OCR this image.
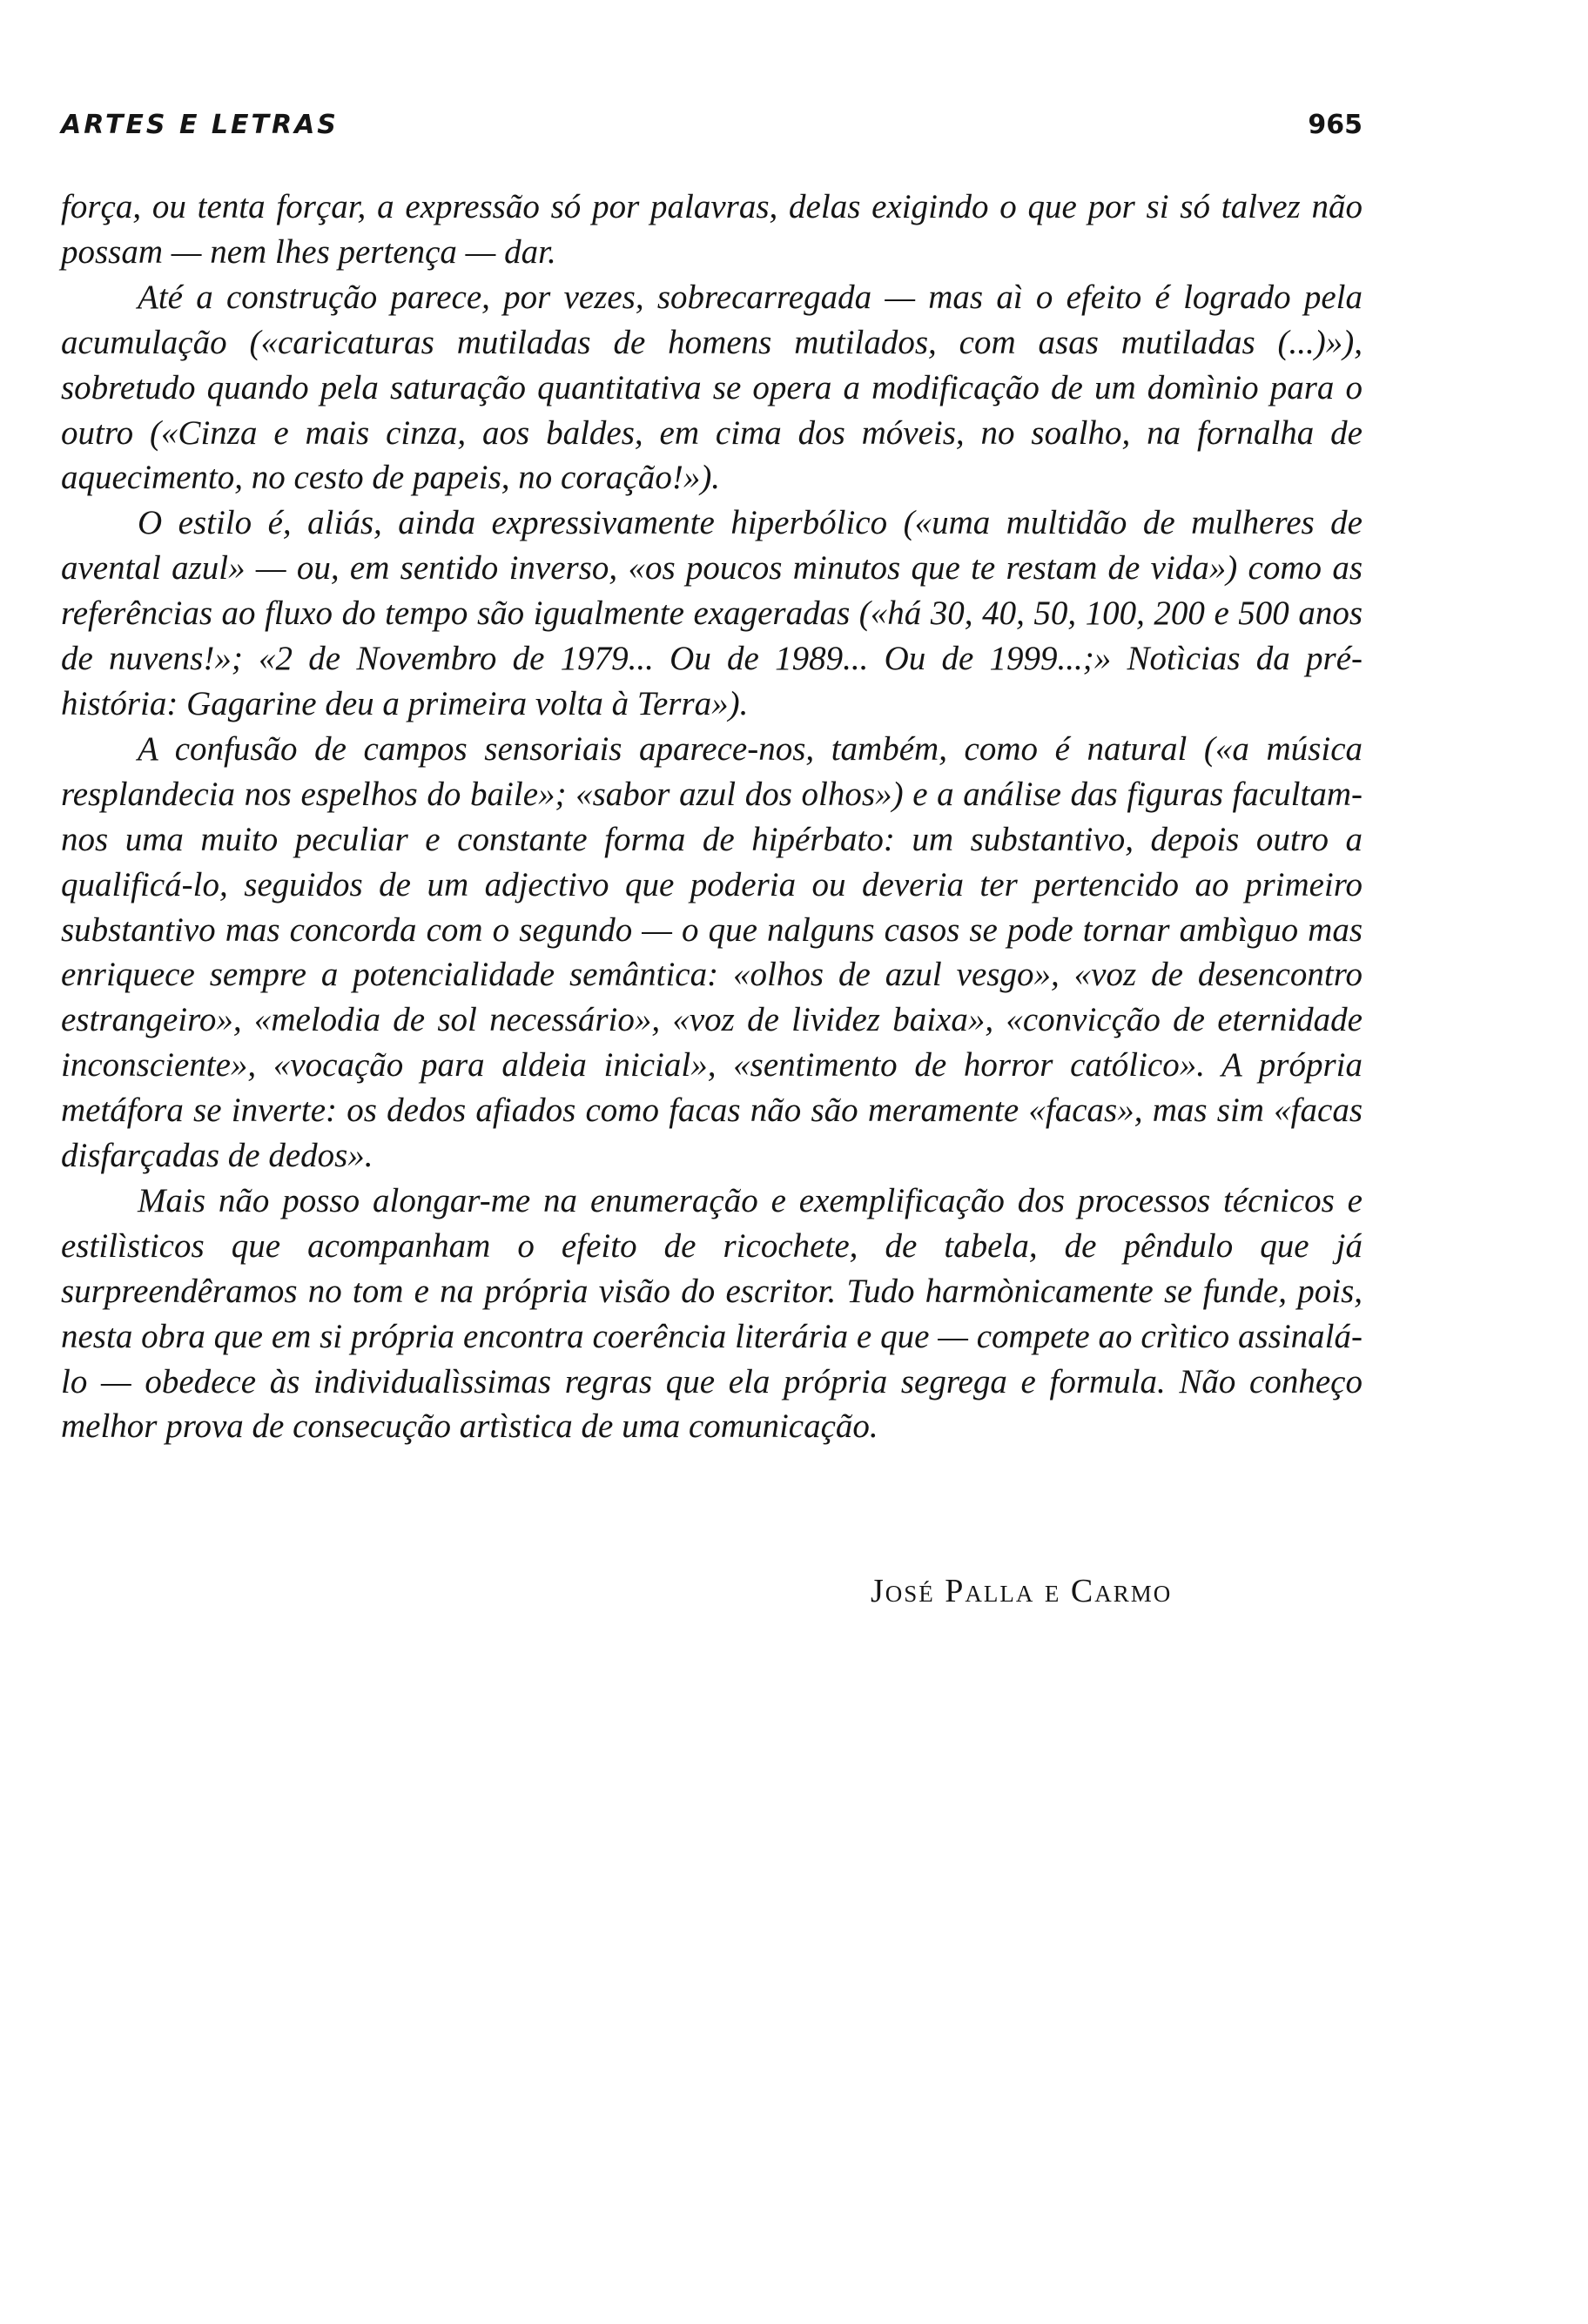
ARTES E LETRAS	965

força, ou tenta forçar, a expressão só por palavras, delas exigindo o que por si só talvez não possam — nem lhes pertença — dar.

Até a construção parece, por vezes, sobrecarregada — mas aì o efeito é logrado pela acumulação («caricaturas mutiladas de homens mutilados, com asas mutiladas (...)»), sobretudo quando pela saturação quantitativa se opera a modificação de um domìnio para o outro («Cinza e mais cinza, aos baldes, em cima dos móveis, no soalho, na fornalha de aquecimento, no cesto de papeis, no coração!»).

O estilo é, aliás, ainda expressivamente hiperbólico («uma multidão de mulheres de avental azul» — ou, em sentido inverso, «os poucos minutos que te restam de vida») como as referências ao fluxo do tempo são igualmente exageradas («há 30, 40, 50, 100, 200 e 500 anos de nuvens!»; «2 de Novembro de 1979... Ou de 1989... Ou de 1999...;» Notìcias da pré-história: Gagarine deu a primeira volta à Terra»).

A confusão de campos sensoriais aparece-nos, também, como é natural («a música resplandecia nos espelhos do baile»; «sabor azul dos olhos») e a análise das figuras facultam-nos uma muito peculiar e constante forma de hipérbato: um substantivo, depois outro a qualificá-lo, seguidos de um adjectivo que poderia ou deveria ter pertencido ao primeiro substantivo mas concorda com o segundo — o que nalguns casos se pode tornar ambìguo mas enriquece sempre a potencialidade semântica: «olhos de azul vesgo», «voz de desencontro estrangeiro», «melodia de sol necessário», «voz de lividez baixa», «convicção de eternidade inconsciente», «vocação para aldeia inicial», «sentimento de horror católico». A própria metáfora se inverte: os dedos afiados como facas não são meramente «facas», mas sim «facas disfarçadas de dedos».

Mais não posso alongar-me na enumeração e exemplificação dos processos técnicos e estilìsticos que acompanham o efeito de ricochete, de tabela, de pêndulo que já surpreendêramos no tom e na própria visão do escritor. Tudo harmònicamente se funde, pois, nesta obra que em si própria encontra coerência literária e que — compete ao crìtico assinalá-lo — obedece às individualìssimas regras que ela própria segrega e formula. Não conheço melhor prova de consecução artìstica de uma comunicação.

José Palla e Carmo
